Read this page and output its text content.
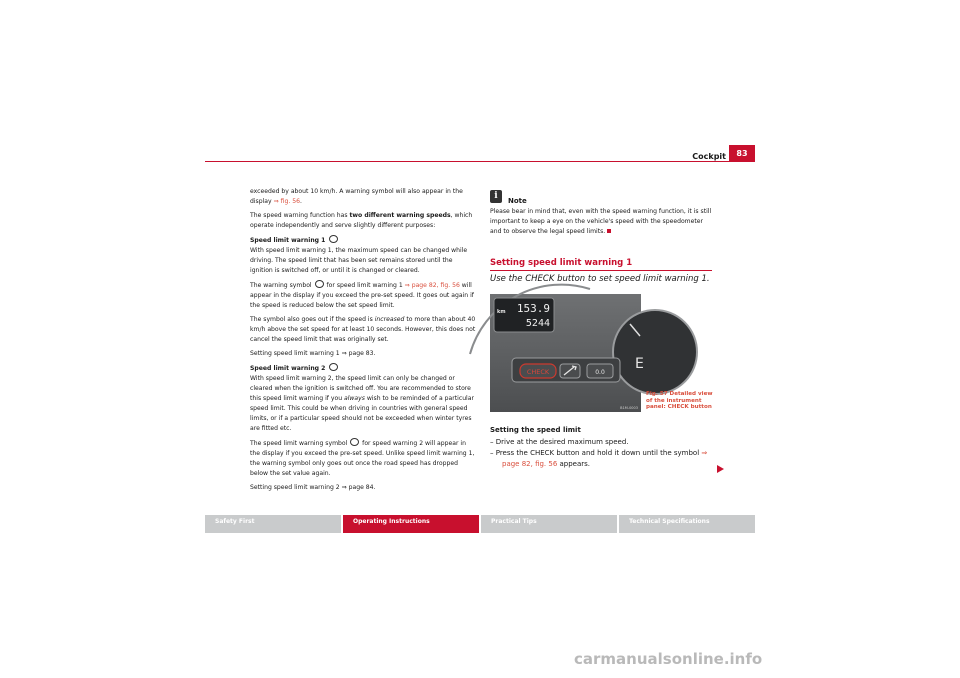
Cockpit	83

exceeded by about 10 km/h. A warning symbol will also appear in the display ⇒ fig. 56.

The speed warning function has two different warning speeds, which operate independently and serve slightly different purposes:

Speed limit warning 1

With speed limit warning 1, the maximum speed can be changed while driving. The speed limit that has been set remains stored until the ignition is switched off, or until it is changed or cleared.

The warning symbol  for speed limit warning 1 ⇒ page 82, fig. 56 will appear in the display if you exceed the pre-set speed. It goes out again if the speed is reduced below the set speed limit.

The symbol also goes out if the speed is increased to more than about 40 km/h above the set speed for at least 10 seconds. However, this does not cancel the speed limit that was originally set.

Setting speed limit warning 1 ⇒ page 83.

Speed limit warning 2

With speed limit warning 2, the speed limit can only be changed or cleared when the ignition is switched off. You are recommended to store this speed limit warning if you always wish to be reminded of a particular speed limit. This could be when driving in countries with general speed limits, or if a particular speed should not be exceeded when winter tyres are fitted etc.

The speed limit warning symbol  for speed warning 2 will appear in the display if you exceed the pre-set speed. Unlike speed limit warning 1, the warning symbol only goes out once the road speed has dropped below the set value again.

Setting speed limit warning 2 ⇒ page 84.

i
Note

Please bear in mind that, even with the speed warning function, it is still important to keep a eye on the vehicle's speed with the speedometer and to observe the legal speed limits.

Setting speed limit warning 1
Use the CHECK button to set speed limit warning 1.
E
km 153.9
5244
CHECK	0.0
B1M-0003
Fig. 57 Detailed view of the instrument panel: CHECK button

Setting the speed limit

– Drive at the desired maximum speed.

– Press the CHECK button and hold it down until the symbol ⇒ page 82, fig. 56 appears.

Safety First	Operating Instructions	Practical Tips	Technical Specifications
carmanualsonline.info
